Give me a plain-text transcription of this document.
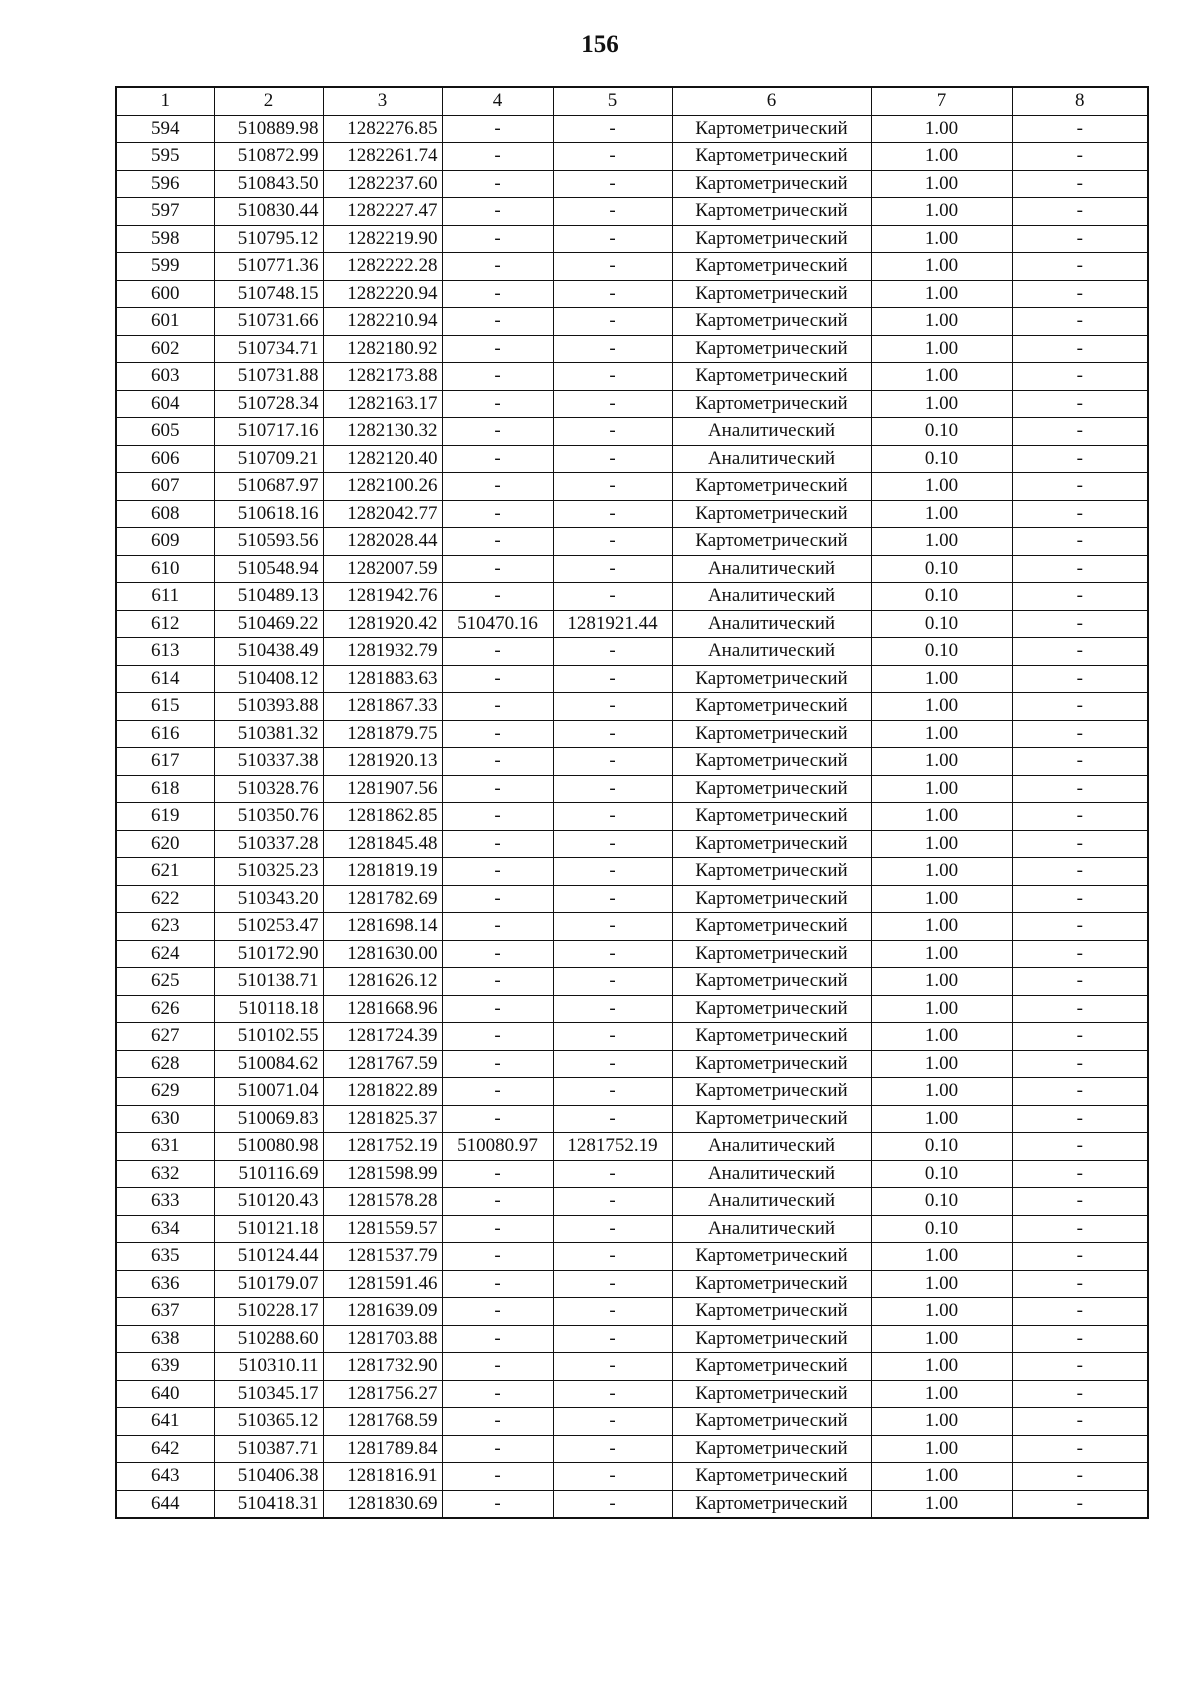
156
1	2	3	4	5	6	7	8
594	510889.98	1282276.85	-	-	Картометрический	1.00	-
595	510872.99	1282261.74	-	-	Картометрический	1.00	-
596	510843.50	1282237.60	-	-	Картометрический	1.00	-
597	510830.44	1282227.47	-	-	Картометрический	1.00	-
598	510795.12	1282219.90	-	-	Картометрический	1.00	-
599	510771.36	1282222.28	-	-	Картометрический	1.00	-
600	510748.15	1282220.94	-	-	Картометрический	1.00	-
601	510731.66	1282210.94	-	-	Картометрический	1.00	-
602	510734.71	1282180.92	-	-	Картометрический	1.00	-
603	510731.88	1282173.88	-	-	Картометрический	1.00	-
604	510728.34	1282163.17	-	-	Картометрический	1.00	-
605	510717.16	1282130.32	-	-	Аналитический	0.10	-
606	510709.21	1282120.40	-	-	Аналитический	0.10	-
607	510687.97	1282100.26	-	-	Картометрический	1.00	-
608	510618.16	1282042.77	-	-	Картометрический	1.00	-
609	510593.56	1282028.44	-	-	Картометрический	1.00	-
610	510548.94	1282007.59	-	-	Аналитический	0.10	-
611	510489.13	1281942.76	-	-	Аналитический	0.10	-
612	510469.22	1281920.42	510470.16	1281921.44	Аналитический	0.10	-
613	510438.49	1281932.79	-	-	Аналитический	0.10	-
614	510408.12	1281883.63	-	-	Картометрический	1.00	-
615	510393.88	1281867.33	-	-	Картометрический	1.00	-
616	510381.32	1281879.75	-	-	Картометрический	1.00	-
617	510337.38	1281920.13	-	-	Картометрический	1.00	-
618	510328.76	1281907.56	-	-	Картометрический	1.00	-
619	510350.76	1281862.85	-	-	Картометрический	1.00	-
620	510337.28	1281845.48	-	-	Картометрический	1.00	-
621	510325.23	1281819.19	-	-	Картометрический	1.00	-
622	510343.20	1281782.69	-	-	Картометрический	1.00	-
623	510253.47	1281698.14	-	-	Картометрический	1.00	-
624	510172.90	1281630.00	-	-	Картометрический	1.00	-
625	510138.71	1281626.12	-	-	Картометрический	1.00	-
626	510118.18	1281668.96	-	-	Картометрический	1.00	-
627	510102.55	1281724.39	-	-	Картометрический	1.00	-
628	510084.62	1281767.59	-	-	Картометрический	1.00	-
629	510071.04	1281822.89	-	-	Картометрический	1.00	-
630	510069.83	1281825.37	-	-	Картометрический	1.00	-
631	510080.98	1281752.19	510080.97	1281752.19	Аналитический	0.10	-
632	510116.69	1281598.99	-	-	Аналитический	0.10	-
633	510120.43	1281578.28	-	-	Аналитический	0.10	-
634	510121.18	1281559.57	-	-	Аналитический	0.10	-
635	510124.44	1281537.79	-	-	Картометрический	1.00	-
636	510179.07	1281591.46	-	-	Картометрический	1.00	-
637	510228.17	1281639.09	-	-	Картометрический	1.00	-
638	510288.60	1281703.88	-	-	Картометрический	1.00	-
639	510310.11	1281732.90	-	-	Картометрический	1.00	-
640	510345.17	1281756.27	-	-	Картометрический	1.00	-
641	510365.12	1281768.59	-	-	Картометрический	1.00	-
642	510387.71	1281789.84	-	-	Картометрический	1.00	-
643	510406.38	1281816.91	-	-	Картометрический	1.00	-
644	510418.31	1281830.69	-	-	Картометрический	1.00	-
